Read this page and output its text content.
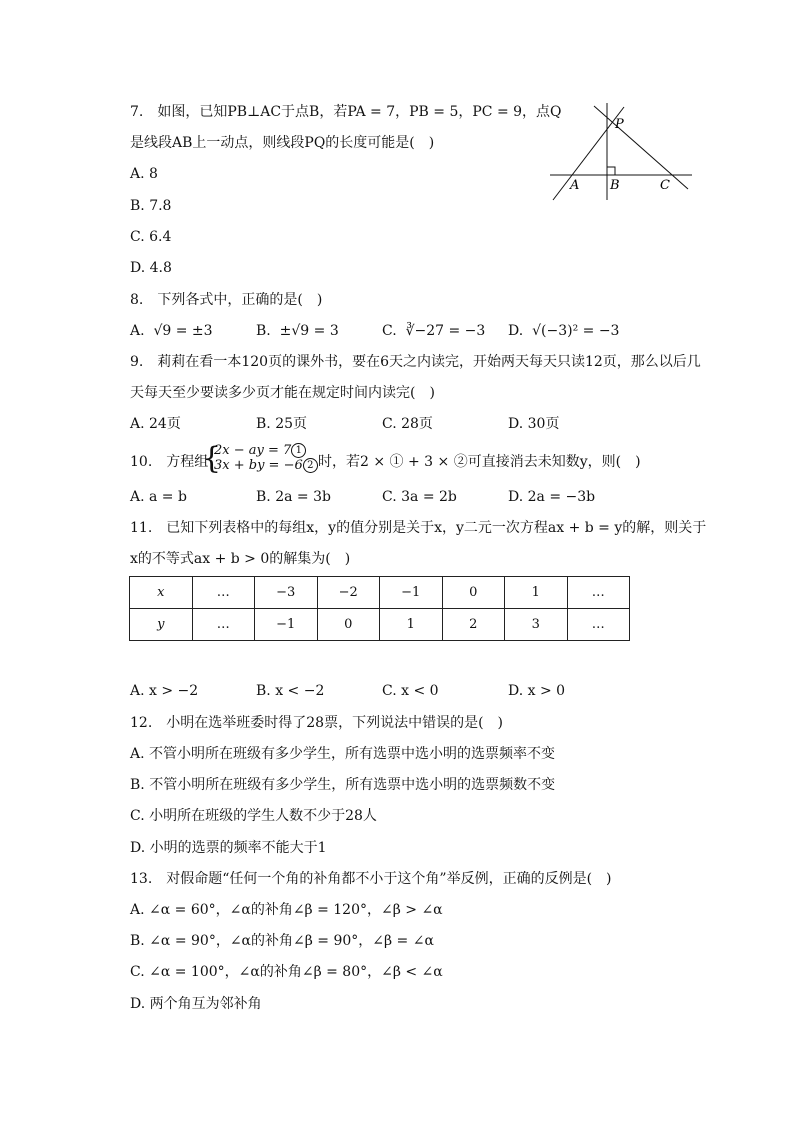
7.　如图，已知PB⊥AC于点B，若PA = 7，PB = 5，PC = 9，点Q
是线段AB上一动点，则线段PQ的长度可能是(　)
A. 8
B. 7.8
C. 6.4
D. 4.8
P
A B	C
8.　下列各式中，正确的是(　)
A. √9 = ±3	B. ±√9 = 3	C. ∛−27 = −3 D. √(−3)² = −3
9.　莉莉在看一本120页的课外书，要在6天之内读完，开始两天每天只读12页，那么以后几
天每天至少要读多少页才能在规定时间内读完(　)
A. 24页	B. 25页	C. 28页	D. 30页
10.　方程组
{
2x − ay = 7 1
3x + by = −6 2 时，若2 × ① + 3 × ②可直接消去未知数y，则(　)
A. a = b	B. 2a = 3b	C. 3a = 2b	D. 2a = −3b
11.　已知下列表格中的每组x，y的值分别是关于x，y二元一次方程ax + b = y的解，则关于
x的不等式ax + b > 0的解集为(　)
x	…	−3	−2	−1	0	1	…
y	…	−1	0	1	2	3	…
A. x > −2	B. x < −2	C. x < 0	D. x > 0
12.　小明在选举班委时得了28票，下列说法中错误的是(　)
A. 不管小明所在班级有多少学生，所有选票中选小明的选票频率不变
B. 不管小明所在班级有多少学生，所有选票中选小明的选票频数不变
C. 小明所在班级的学生人数不少于28人
D. 小明的选票的频率不能大于1
13.　对假命题“任何一个角的补角都不小于这个角”举反例，正确的反例是(　)
A. ∠α = 60°，∠α的补角∠β = 120°，∠β > ∠α
B. ∠α = 90°，∠α的补角∠β = 90°，∠β = ∠α
C. ∠α = 100°，∠α的补角∠β = 80°，∠β < ∠α
D. 两个角互为邻补角
